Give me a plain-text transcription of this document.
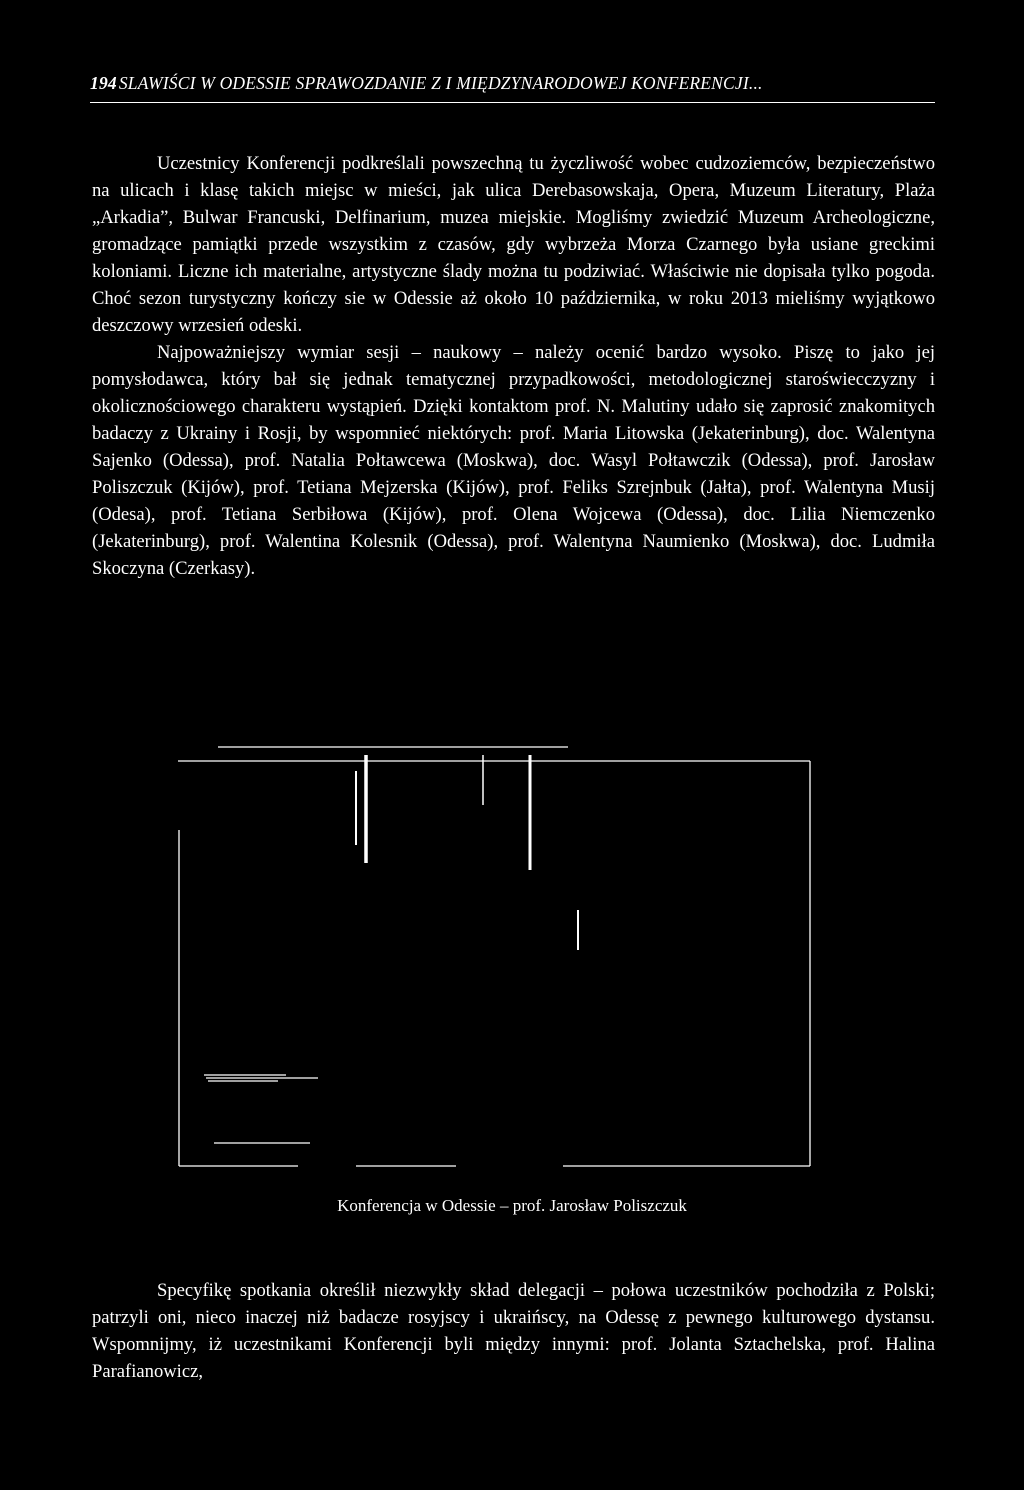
194 SLAWIŚCI W ODESSIE SPRAWOZDANIE Z I MIĘDZYNARODOWEJ KONFERENCJI...

Uczestnicy Konferencji podkreślali powszechną tu życzliwość wobec cudzoziemców, bezpieczeństwo na ulicach i klasę takich miejsc w mieści, jak ulica Derebasowskaja, Opera, Muzeum Literatury, Plaża „Arkadia”, Bulwar Francuski, Delfinarium, muzea miejskie. Mogliśmy zwiedzić Muzeum Archeologiczne, gromadzące pamiątki przede wszystkim z czasów, gdy wybrzeża Morza Czarnego była usiane greckimi koloniami. Liczne ich materialne, artystyczne ślady można tu podziwiać. Właściwie nie dopisała tylko pogoda. Choć sezon turystyczny kończy sie w Odessie aż około 10 października, w roku 2013 mieliśmy wyjątkowo deszczowy wrzesień odeski.

Najpoważniejszy wymiar sesji – naukowy – należy ocenić bardzo wysoko. Piszę to jako jej pomysłodawca, który bał się jednak tematycznej przypadkowości, metodologicznej staroświecczyzny i okolicznościowego charakteru wystąpień. Dzięki kontaktom prof. N. Malutiny udało się zaprosić znakomitych badaczy z Ukrainy i Rosji, by wspomnieć niektórych: prof. Maria Litowska (Jekaterinburg), doc. Walentyna Sajenko (Odessa), prof. Natalia Połtawcewa (Moskwa), doc. Wasyl Połtawczik (Odessa), prof. Jarosław Poliszczuk (Kijów), prof. Tetiana Mejzerska (Kijów), prof. Feliks Szrejnbuk (Jałta), prof. Walentyna Musij (Odesa), prof. Tetiana Serbiłowa (Kijów), prof. Olena Wojcewa (Odessa), doc. Lilia Niemczenko (Jekaterinburg), prof. Walentina Kolesnik (Odessa), prof. Walentyna Naumienko (Moskwa), doc. Ludmiła Skoczyna (Czerkasy).

Konferencja w Odessie – prof. Jarosław Poliszczuk

Specyfikę spotkania określił niezwykły skład delegacji – połowa uczestników pochodziła z Polski; patrzyli oni, nieco inaczej niż badacze rosyjscy i ukraińscy, na Odessę z pewnego kulturowego dystansu. Wspomnijmy, iż uczestnikami Konferencji byli między innymi: prof. Jolanta Sztachelska, prof. Halina Parafianowicz,
